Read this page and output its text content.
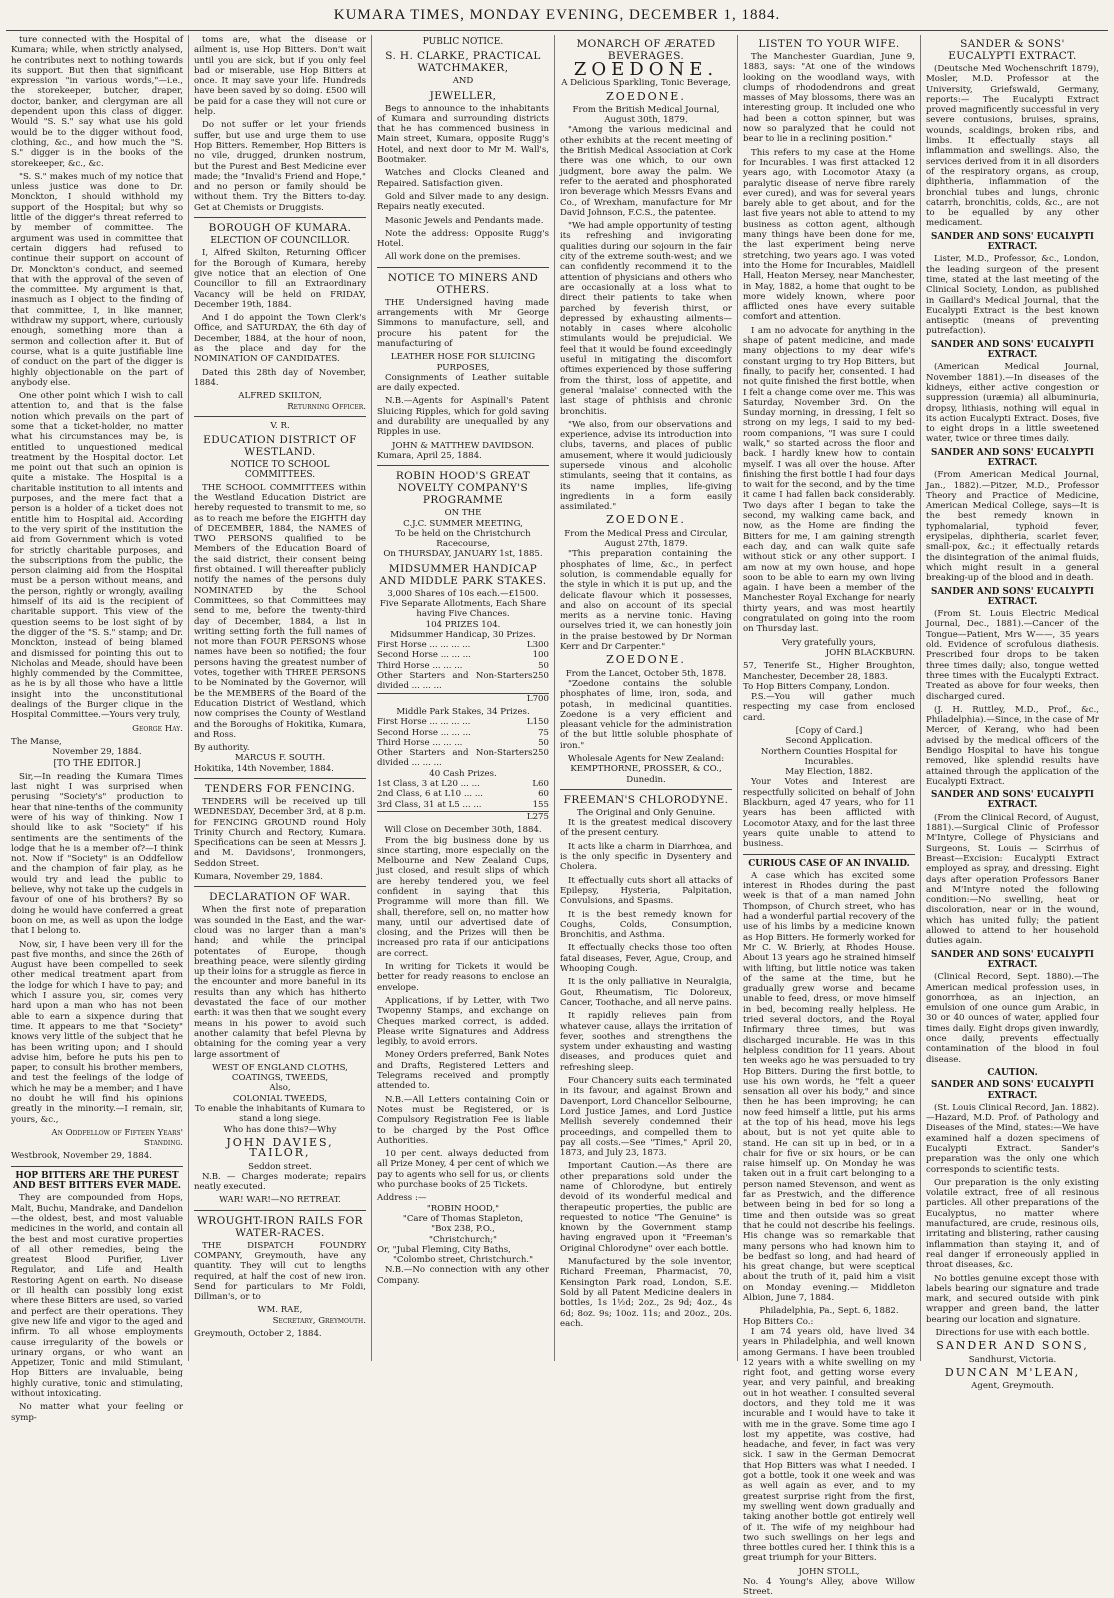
KUMARA TIMES, MONDAY EVENING, DECEMBER 1, 1884.

ture connected with the Hospital of Kumara; while, when strictly analysed, he contributes next to nothing towards its support. But then that significant expression "in various words,"—i.e., the storekeeper, butcher, draper, doctor, banker, and clergyman are all dependent upon this class of digger. Would "S. S." say what use his gold would be to the digger without food, clothing, &c., and how much the "S. S." digger is in the books of the storekeeper, &c., &c.

"S. S." makes much of my notice that unless justice was done to Dr. Monckton, I should withhold my support of the Hospital; but why so little of the digger's threat referred to by member of committee. The argument was used in committee that certain diggers had refused to continue their support on account of Dr. Monckton's conduct, and seemed that with the approval of the seven of the committee. My argument is that, inasmuch as I object to the finding of that committee, I, in like manner, withdraw my support, where, curiously enough, something more than a sermon and collection after it. But of course, what is a quite justifiable line of conduct on the part of the digger is highly objectionable on the part of anybody else.

One other point which I wish to call attention to, and that is the false notion which prevails on the part of some that a ticket-holder, no matter what his circumstances may be, is entitled to unquestioned medical treatment by the Hospital doctor. Let me point out that such an opinion is quite a mistake. The Hospital is a charitable institution to all intents and purposes, and the mere fact that a person is a holder of a ticket does not entitle him to Hospital aid. According to the very spirit of the institution the aid from Government which is voted for strictly charitable purposes, and the subscriptions from the public, the person claiming aid from the Hospital must be a person without means, and the person, rightly or wrongly, availing himself of its aid is the recipient of charitable support. This view of the question seems to be lost sight of by the digger of the "S. S." stamp; and Dr. Monckton, instead of being blamed and dismissed for pointing this out to Nicholas and Meade, should have been highly commended by the Committee, as he is by all those who have a little insight into the unconstitutional dealings of the Burger clique in the Hospital Committee.—Yours very truly,

George Hay.
The Manse,
November 29, 1884.
[TO THE EDITOR.]

Sir,—In reading the Kumara Times last night I was surprised when perusing "Society's" production to hear that nine-tenths of the community were of his way of thinking. Now I should like to ask "Society" if his sentiments are the sentiments of the lodge that he is a member of?—I think not. Now if "Society" is an Oddfellow and the champion of fair play, as he would try and lead the public to believe, why not take up the cudgels in favour of one of his brothers? By so doing he would have conferred a great boon on me, as well as upon the lodge that I belong to.

Now, sir, I have been very ill for the past five months, and since the 26th of August have been compelled to seek other medical treatment apart from the lodge for which I have to pay; and which I assure you, sir, comes very hard upon a man who has not been able to earn a sixpence during that time. It appears to me that "Society" knows very little of the subject that he has been writing upon; and I should advise him, before he puts his pen to paper, to consult his brother members, and test the feelings of the lodge of which he may be a member; and I have no doubt he will find his opinions greatly in the minority.—I remain, sir, yours, &c.,

An Oddfellow of Fifteen Years' Standing.
Westbrook, November 29, 1884.
HOP BITTERS ARE THE PUREST AND BEST BITTERS EVER MADE.

They are compounded from Hops, Malt, Buchu, Mandrake, and Dandelion—the oldest, best, and most valuable medicines in the world, and contain all the best and most curative properties of all other remedies, being the greatest Blood Purifier, Liver Regulator, and Life and Health Restoring Agent on earth. No disease or ill health can possibly long exist where these Bitters are used, so varied and perfect are their operations. They give new life and vigor to the aged and infirm. To all whose employments cause irregularity of the bowels or urinary organs, or who want an Appetizer, Tonic and mild Stimulant, Hop Bitters are invaluable, being highly curative, tonic and stimulating, without intoxicating.

No matter what your feeling or symp-

toms are, what the disease or ailment is, use Hop Bitters. Don't wait until you are sick, but if you only feel bad or miserable, use Hop Bitters at once. It may save your life. Hundreds have been saved by so doing. £500 will be paid for a case they will not cure or help.

Do not suffer or let your friends suffer, but use and urge them to use Hop Bitters. Remember, Hop Bitters is no vile, drugged, drunken nostrum, but the Purest and Best Medicine ever made; the "Invalid's Friend and Hope," and no person or family should be without them. Try the Bitters to-day. Get at Chemists or Druggists.

BOROUGH OF KUMARA.
ELECTION OF COUNCILLOR.

I, Alfred Skilton, Returning Officer for the Borough of Kumara, hereby give notice that an election of One Councillor to fill an Extraordinary Vacancy will be held on FRIDAY, December 19th, 1884.

And I do appoint the Town Clerk's Office, and SATURDAY, the 6th day of December, 1884, at the hour of noon, as the place and day for the NOMINATION OF CANDIDATES.

Dated this 28th day of November, 1884.

ALFRED SKILTON,
Returning Officer.
V. R.
EDUCATION DISTRICT OF WESTLAND.
NOTICE TO SCHOOL COMMITTEES.

THE SCHOOL COMMITTEES within the Westland Education District are hereby requested to transmit to me, so as to reach me before the EIGHTH day of DECEMBER, 1884, the NAMES of TWO PERSONS qualified to be Members of the Education Board of the said district, their consent being first obtained. I will thereafter publicly notify the names of the persons duly NOMINATED by the School Committees, so that Committees may send to me, before the twenty-third day of December, 1884, a list in writing setting forth the full names of not more than FOUR PERSONS whose names have been so notified; the four persons having the greatest number of votes, together with THREE PERSONS to be Nominated by the Governor, will be the MEMBERS of the Board of the Education District of Westland, which now comprises the County of Westland and the Boroughs of Hokitika, Kumara, and Ross.

By authority.
MARCUS F. SOUTH.
Hokitika, 14th November, 1884.
TENDERS FOR FENCING.

TENDERS will be received up till WEDNESDAY, December 3rd, at 8 p.m. for FENCING GROUND round Holy Trinity Church and Rectory, Kumara. Specifications can be seen at Messrs J. and M. Davidsons', Ironmongers, Seddon Street.

Kumara, November 29, 1884.
DECLARATION OF WAR.

When the first note of preparation was sounded in the East, and the war-cloud was no larger than a man's hand; and while the principal potentates of Europe, though breathing peace, were silently girding up their loins for a struggle as fierce in the encounter and more baneful in its results than any which has hitherto devastated the face of our mother earth: it was then that we sought every means in his power to avoid such another calamity that befel Plevna by obtaining for the coming year a very large assortment of

WEST OF ENGLAND CLOTHS, COATINGS, TWEEDS,
Also,
COLONIAL TWEEDS,
To enable the inhabitants of Kumara to stand a long siege.
Who has done this?—Why
JOHN DAVIES, TAILOR,
Seddon street.

N.B. — Charges moderate; repairs neatly executed.

WAR! WAR!—NO RETREAT.
WROUGHT-IRON RAILS FOR WATER-RACES.

THE DISPATCH FOUNDRY COMPANY, Greymouth, have any quantity. They will cut to lengths required, at half the cost of new iron. Send for particulars to Mr Foldi, Dillman's, or to

WM. RAE,
Secretary, Greymouth.
Greymouth, October 2, 1884.
PUBLIC NOTICE.
S. H. CLARKE, PRACTICAL WATCHMAKER,
AND
JEWELLER,

Begs to announce to the inhabitants of Kumara and surrounding districts that he has commenced business in Main street, Kumara, opposite Rugg's Hotel, and next door to Mr M. Wall's, Bootmaker.

Watches and Clocks Cleaned and Repaired. Satisfaction given.

Gold and Silver made to any design. Repairs neatly executed.

Masonic Jewels and Pendants made.

Note the address: Opposite Rugg's Hotel.

All work done on the premises.

NOTICE TO MINERS AND OTHERS.

THE Undersigned having made arrangements with Mr George Simmons to manufacture, sell, and procure his patent for the manufacturing of

LEATHER HOSE FOR SLUICING PURPOSES,

Consignments of Leather suitable are daily expected.

N.B.—Agents for Aspinall's Patent Sluicing Ripples, which for gold saving and durability are unequalled by any Ripples in use.

JOHN & MATTHEW DAVIDSON.
Kumara, April 25, 1884.
ROBIN HOOD'S GREAT NOVELTY COMPANY'S PROGRAMME
ON THE
C.J.C. SUMMER MEETING,
To be held on the Christchurch Racecourse,
On THURSDAY, JANUARY 1st, 1885.
MIDSUMMER HANDICAP AND MIDDLE PARK STAKES.
3,000 Shares of 10s each.—£1500.
Five Separate Allotments, Each Share having Five Chances.
104 PRIZES 104.
Midsummer Handicap, 30 Prizes.
First Horse ... ... ... ...	L300
Second Horse ... ... ...	100
Third Horse ... ... ...	50
Other Starters and Non-Starters divided ... ... ...
250
L700
Middle Park Stakes, 34 Prizes.
First Horse ... ... ... ...	L150
Second Horse ... ... ...	75
Third Horse ... ... ...	50
Other Starters and Non-Starters divided ... ... ...
250
40 Cash Prizes.
1st Class, 3 at L20 ... ...	L60
2nd Class, 6 at L10 ... ...	60
3rd Class, 31 at L5 ... ...	155
L275
Will Close on December 30th, 1884.

From the big business done by us since starting, more especially on the Melbourne and New Zealand Cups, just closed, and result slips of which are hereby tendered you, we feel confident in saying that this Programme will more than fill. We shall, therefore, sell on, no matter how many, until our advertised date of closing, and the Prizes will then be increased pro rata if our anticipations are correct.

In writing for Tickets it would be better for ready reasons to enclose an envelope.

Applications, if by Letter, with Two Twopenny Stamps, and exchange on Cheques marked correct, is added. Please write Signatures and Address legibly, to avoid errors.

Money Orders preferred, Bank Notes and Drafts, Registered Letters and Telegrams received and promptly attended to.

N.B.—All Letters containing Coin or Notes must be Registered, or is Compulsory Registration Fee is liable to be charged by the Post Office Authorities.

10 per cent. always deducted from all Prize Money, 4 per cent of which we pay to agents who sell for us, or clients who purchase books of 25 Tickets.

Address :—
"ROBIN HOOD,"
"Care of Thomas Stapleton,
"Box 238, P.O.,
"Christchurch;"
Or, "Jubal Fleming, City Baths,
"Colombo street, Christchurch."

N.B.—No connection with any other Company.

MONARCH OF ÆRATED BEVERAGES.
ZOEDONE.
A Delicious Sparkling, Tonic Beverage,
ZOEDONE.
From the British Medical Journal, August 30th, 1879.

"Among the various medicinal and other exhibits at the recent meeting of the British Medical Association at Cork there was one which, to our own judgment, bore away the palm. We refer to the aerated and phosphorated iron beverage which Messrs Evans and Co., of Wrexham, manufacture for Mr David Johnson, F.C.S., the patentee.

"We had ample opportunity of testing its refreshing and invigorating qualities during our sojourn in the fair city of the extreme south-west; and we can confidently recommend it to the attention of physicians and others who are occasionally at a loss what to direct their patients to take when parched by feverish thirst, or depressed by exhausting ailments—notably in cases where alcoholic stimulants would be prejudicial. We feel that it would be found exceedingly useful in mitigating the discomfort oftimes experienced by those suffering from the thirst, loss of appetite, and general 'malaise' connected with the last stage of phthisis and chronic bronchitis.

"We also, from our observations and experience, advise its introduction into clubs, taverns, and places of public amusement, where it would judiciously supersede vinous and alcoholic stimulants, seeing that it contains, as its name implies, life-giving ingredients in a form easily assimilated."

ZOEDONE.
From the Medical Press and Circular, August 27th, 1879.

"This preparation containing the phosphates of lime, &c., in perfect solution, is commendable equally for the style in which it is put up, and the delicate flavour which it possesses, and also on account of its special merits as a nervine tonic. Having ourselves tried it, we can honestly join in the praise bestowed by Dr Norman Kerr and Dr Carpenter."

ZOEDONE.
From the Lancet, October 5th, 1878.

"Zoedone contains the soluble phosphates of lime, iron, soda, and potash, in medicinal quantities. Zoedone is a very efficient and pleasant vehicle for the administration of the but little soluble phosphate of iron."

Wholesale Agents for New Zealand:
KEMPTHORNE, PROSSER, & CO.,
Dunedin.
FREEMAN'S CHLORODYNE.
The Original and Only Genuine.

It is the greatest medical discovery of the present century.

It acts like a charm in Diarrhœa, and is the only specific in Dysentery and Cholera.

It effectually cuts short all attacks of Epilepsy, Hysteria, Palpitation, Convulsions, and Spasms.

It is the best remedy known for Coughs, Colds, Consumption, Bronchitis, and Asthma.

It effectually checks those too often fatal diseases, Fever, Ague, Croup, and Whooping Cough.

It is the only palliative in Neuralgia, Gout, Rheumatism, Tic Doloreux, Cancer, Toothache, and all nerve pains.

It rapidly relieves pain from whatever cause, allays the irritation of fever, soothes and strengthens the system under exhausting and wasting diseases, and produces quiet and refreshing sleep.

Four Chancery suits each terminated in its favour, and against Brown and Davenport, Lord Chancellor Selbourne, Lord Justice James, and Lord Justice Mellish severely condemned their proceedings, and compelled them to pay all costs.—See "Times," April 20, 1873, and July 23, 1873.

Important Caution.—As there are other preparations sold under the name of Chlorodyne, but entirely devoid of its wonderful medical and therapeutic properties, the public are requested to notice "The Genuine" is known by the Government stamp having engraved upon it "Freeman's Original Chlorodyne" over each bottle.

Manufactured by the sole inventor, Richard Freeman, Pharmacist, 70, Kensington Park road, London, S.E. Sold by all Patent Medicine dealers in bottles, 1s 1½d; 2oz., 2s 9d; 4oz., 4s 6d; 8oz. 9s; 10oz. 11s; and 20oz., 20s. each.

LISTEN TO YOUR WIFE.

The Manchester Guardian, June 9, 1883, says: "At one of the windows looking on the woodland ways, with clumps of rhododendrons and great masses of May blossoms, there was an interesting group. It included one who had been a cotton spinner, but was now so paralyzed that he could not bear to lie in a reclining position."

This refers to my case at the Home for Incurables. I was first attacked 12 years ago, with Locomotor Ataxy (a paralytic disease of nerve fibre rarely ever cured), and was for several years barely able to get about, and for the last five years not able to attend to my business as cotton agent, although many things have been done for me, the last experiment being nerve stretching, two years ago. I was voted into the Home for Incurables, Maidlell Hall, Heaton Mersey, near Manchester, in May, 1882, a home that ought to be more widely known, where poor afflicted ones have every suitable comfort and attention.

I am no advocate for anything in the shape of patent medicine, and made many objections to my dear wife's constant urging to try Hop Bitters, but finally, to pacify her, consented. I had not quite finished the first bottle, when I felt a change come over me. This was Saturday, November 3rd. On the Sunday morning, in dressing, I felt so strong on my legs, I said to my bed-room companions, "I was sure I could walk," so started across the floor and back. I hardly knew how to contain myself. I was all over the house. After finishing the first bottle I had four days to wait for the second, and by the time it came I had fallen back considerably. Two days after I began to take the second, my walking came back, and now, as the Home are finding the Bitters for me, I am gaining strength each day, and can walk quite safe without stick or any other support. I am now at my own house, and hope soon to be able to earn my own living again. I have been a member of the Manchester Royal Exchange for nearly thirty years, and was most heartily congratulated on going into the room on Thursday last.

Very gratefully yours,
JOHN BLACKBURN.
57, Tenerife St., Higher Broughton, Manchester, December 28, 1883.
To Hop Bitters Company, London.

P.S.—You will gather much respecting my case from enclosed card.

[Copy of Card.]
Second Application.
Northern Counties Hospital for Incurables.
May Election, 1882.

Your Votes and Interest are respectfully solicited on behalf of John Blackburn, aged 47 years, who for 11 years has been afflicted with Locomotor Ataxy, and for the last three years quite unable to attend to business.

CURIOUS CASE OF AN INVALID.

A case which has excited some interest in Rhodes during the past week is that of a man named John Thompson, of Church street, who has had a wonderful partial recovery of the use of his limbs by a medicine known as Hop Bitters. He formerly worked for Mr C. W. Brierly, at Rhodes House. About 13 years ago he strained himself with lifting, but little notice was taken of the same at the time, but he gradually grew worse and became unable to feed, dress, or move himself in bed, becoming really helpless. He tried several doctors, and the Royal Infirmary three times, but was discharged incurable. He was in this helpless condition for 11 years. About ten weeks ago he was persuaded to try Hop Bitters. During the first bottle, to use his own words, he "felt a queer sensation all over his body," and since then he has been improving; he can now feed himself a little, put his arms at the top of his head, move his legs about, but is not yet quite able to stand. He can sit up in bed, or in a chair for five or six hours, or be can raise himself up. On Monday he was taken out in a fruit cart belonging to a person named Stevenson, and went as far as Prestwich, and the difference between being in bed for so long a time and then outside was so great that he could not describe his feelings. His change was so remarkable that many persons who had known him to be bedfast so long, and had heard of his great change, but were sceptical about the truth of it, paid him a visit on Monday evening.— Middleton Albion, June 7, 1884.

Philadelphia, Pa., Sept. 6, 1882.
Hop Bitters Co.:

I am 74 years old, have lived 34 years in Philadelphia, and well known among Germans. I have been troubled 12 years with a white swelling on my right foot, and getting worse every year, and very painful, and breaking out in hot weather. I consulted several doctors, and they told me it was incurable and I would have to take it with me in the grave. Some time ago I lost my appetite, was costive, had headache, and fever, in fact was very sick. I saw in the German Democrat that Hop Bitters was what I needed. I got a bottle, took it one week and was as well again as ever, and to my greatest surprise right from the first, my swelling went down gradually and taking another bottle got entirely well of it. The wife of my neighbour had two such swellings on her legs and three bottles cured her. I think this is a great triumph for your Bitters.

JOHN STOLL,
No. 4 Young's Alley, above Willow Street.
SANDER & SONS' EUCALYPTI EXTRACT.

(Deutsche Med Wochenschrift 1879), Mosler, M.D. Professor at the University, Griefswald, Germany, reports:— The Eucalypti Extract proved magnificently successful in very severe contusions, bruises, sprains, wounds, scaldings, broken ribs, and limbs. It effectually stays all inflammation and swellings. Also, the services derived from it in all disorders of the respiratory organs, as croup, diphtheria, inflammation of the bronchial tubes and lungs, chronic catarrh, bronchitis, colds, &c., are not to be equalled by any other medicament.

SANDER AND SONS' EUCALYPTI EXTRACT.

Lister, M.D., Professor, &c., London, the leading surgeon of the present time, stated at the last meeting of the Clinical Society, London, as published in Gaillard's Medical Journal, that the Eucalypti Extract is the best known antiseptic (means of preventing putrefaction).

SANDER AND SONS' EUCALYPTI EXTRACT.

(American Medical Journal, November 1881).—In diseases of the kidneys, either active congestion or suppression (uræmia) all albuminuria, dropsy, lithiasis, nothing will equal in its action Eucalypti Extract. Doses, five to eight drops in a little sweetened water, twice or three times daily.

SANDER AND SONS' EUCALYPTI EXTRACT.

(From American Medical Journal, Jan., 1882).—Pitzer, M.D., Professor Theory and Practice of Medicine, American Medical College, says—It is the best remedy known in typhomalarial, typhoid fever, erysipelas, diphtheria, scarlet fever, small-pox, &c.; it effectually retards the disintegration of the animal fluids, which might result in a general breaking-up of the blood and in death.

SANDER AND SONS' EUCALYPTI EXTRACT.

(From St. Louis Electric Medical Journal, Dec., 1881).—Cancer of the Tongue—Patient, Mrs W——, 35 years old. Evidence of scrofulous diathesis. Prescribed four drops to be taken three times daily; also, tongue wetted three times with the Eucalypti Extract. Treated as above for four weeks, then discharged cured.

(J. H. Ruttley, M.D., Prof., &c., Philadelphia).—Since, in the case of Mr Mercer, of Kerang, who had been advised by the medical officers of the Bendigo Hospital to have his tongue removed, like splendid results have attained through the application of the Eucalypti Extract.

SANDER AND SONS' EUCALYPTI EXTRACT.

(From the Clinical Record, of August, 1881).—Surgical Clinic of Professor M'Intyre, College of Physicians and Surgeons, St. Louis — Scirrhus of Breast—Excision: Eucalypti Extract employed as spray, and dressing. Eight days after operation Professors Baner and M'Intyre noted the following condition:—No swelling, heat or discoloration, near or in the wound, which has united fully; the patient allowed to attend to her household duties again.

SANDER AND SONS' EUCALYPTI EXTRACT.

(Clinical Record, Sept. 1880).—The American medical profession uses, in gonorrhœa, as an injection, an emulsion of one ounce gum Arabic, in 30 or 40 ounces of water, applied four times daily. Eight drops given inwardly, once daily, prevents effectually contamination of the blood in foul disease.

CAUTION.
SANDER AND SONS' EUCALYPTI EXTRACT.

(St. Louis Clinical Record, Jan. 1882).—Hazard, M.D. Prof. of Pathology and Diseases of the Mind, states:—We have examined half a dozen specimens of Eucalypti Extract. Sander's preparation was the only one which corresponds to scientific tests.

Our preparation is the only existing volatile extract, free of all resinous particles. All other preparations of the Eucalyptus, no matter where manufactured, are crude, resinous oils, irritating and blistering, rather causing inflammation than staying it, and of real danger if erroneously applied in throat diseases, &c.

No bottles genuine except those with labels bearing our signature and trade mark, and secured outside with pink wrapper and green band, the latter bearing our location and signature.

Directions for use with each bottle.
SANDER AND SONS,
Sandhurst, Victoria.
DUNCAN M'LEAN,
Agent, Greymouth.
